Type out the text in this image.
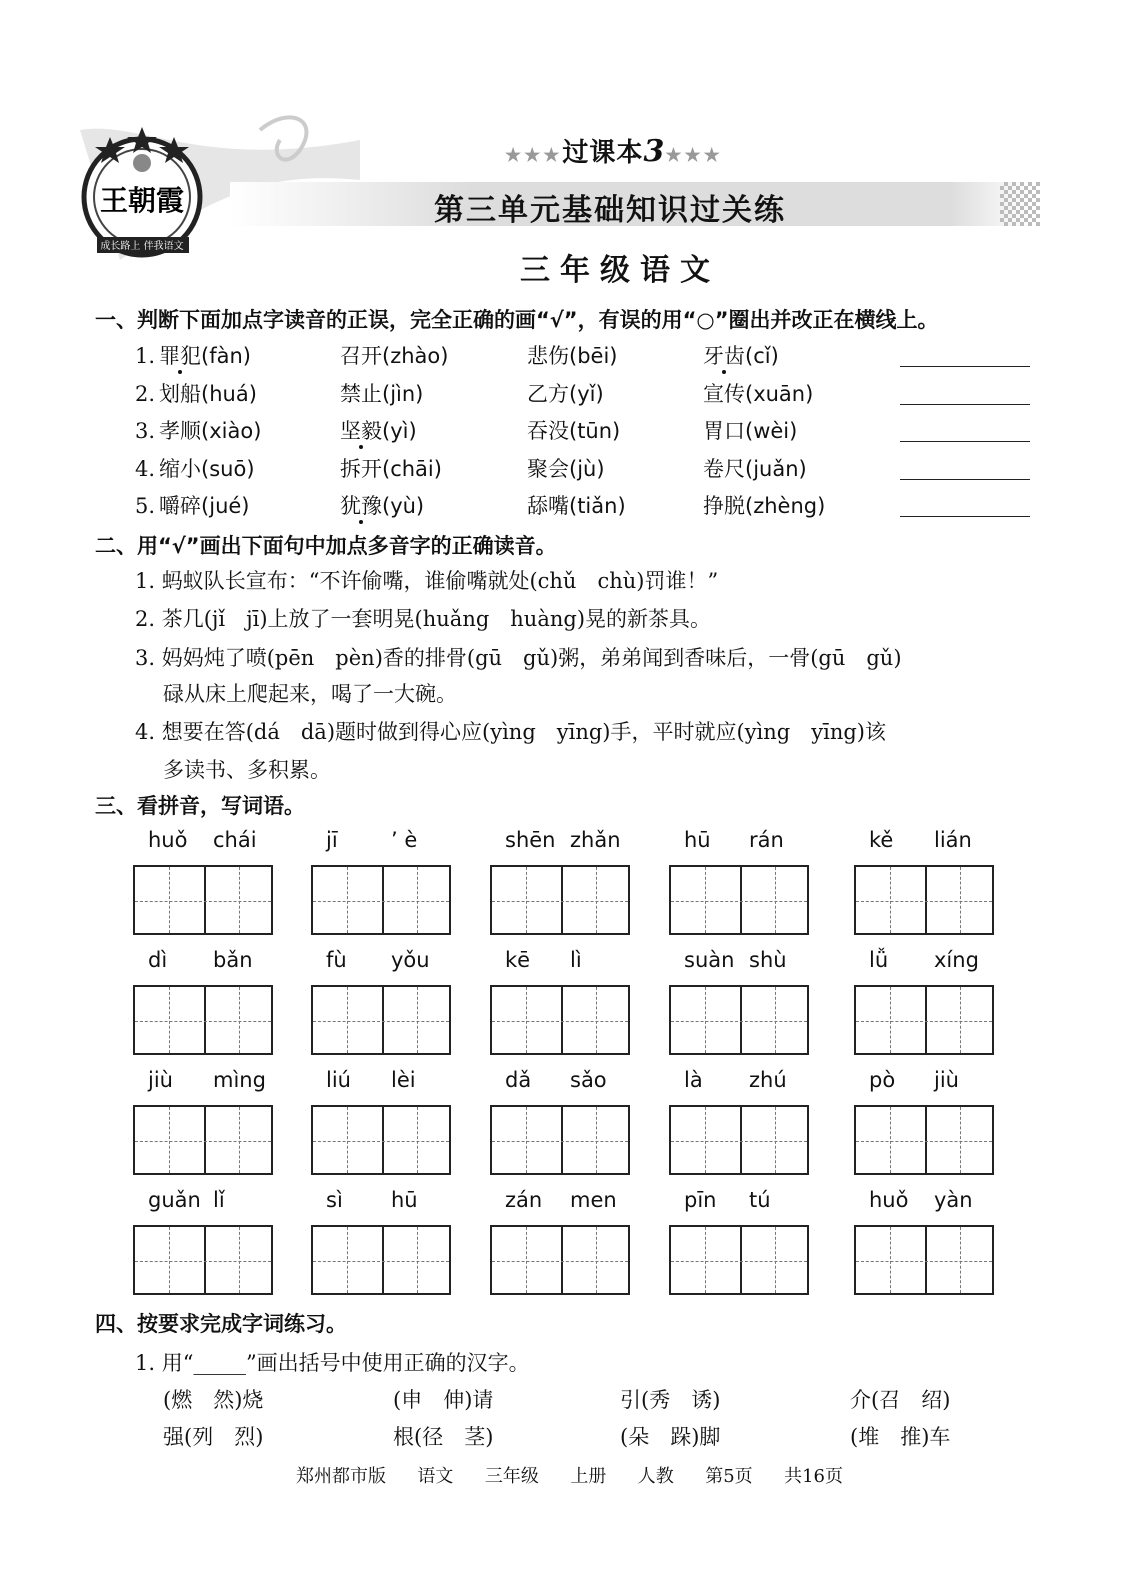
成长路上 伴我语文
王朝霞
★★★过课本3★★★
第三单元基础知识过关练
三年级语文
一、判断下面加点字读音的正误，完全正确的画“√”，有误的用“○”圈出并改正在横线上。
1. 罪犯(fàn)	召开(zhào)	悲伤(bēi)	牙齿(cǐ)
2. 划船(huá)	禁止(jìn)	乙方(yǐ)	宣传(xuān)
3. 孝顺(xiào)	坚毅(yì)	吞没(tūn)	胃口(wèi)
4. 缩小(suō)	拆开(chāi)	聚会(jù)	卷尺(juǎn)
5. 嚼碎(jué)	犹豫(yù)	舔嘴(tiǎn)	挣脱(zhèng)
二、用“√”画出下面句中加点多音字的正确读音。
1. 蚂蚁队长宣布：“不许偷嘴，谁偷嘴就处(chǔ　chù)罚谁！”
2. 茶几(jǐ　jī)上放了一套明晃(huǎng　huàng)晃的新茶具。
3. 妈妈炖了喷(pēn　pèn)香的排骨(gū　gǔ)粥，弟弟闻到香味后，一骨(gū　gǔ)
碌从床上爬起来，喝了一大碗。
4. 想要在答(dá　dā)题时做到得心应(yìng　yīng)手，平时就应(yìng　yīng)该
多读书、多积累。
三、看拼音，写词语。
huǒ chái	jī	’ è	shēn zhǎn	hū rán	kě lián
dì bǎn	fù yǒu	kē lì	suàn shù	lǚ xíng
jiù mìng	liú lèi	dǎ sǎo	là zhú	pò jiù
guǎn lǐ	sì hū	zán men	pīn tú	huǒ yàn
四、按要求完成字词练习。
1. 用“_____”画出括号中使用正确的汉字。
(燃　然)烧	(申　伸)请	引(秀　诱)	介(召　绍)
强(列　烈)	根(径　茎)	(朵　跺)脚	(堆　推)车
郑州都市版  语文  三年级  上册  人教  第5页  共16页
